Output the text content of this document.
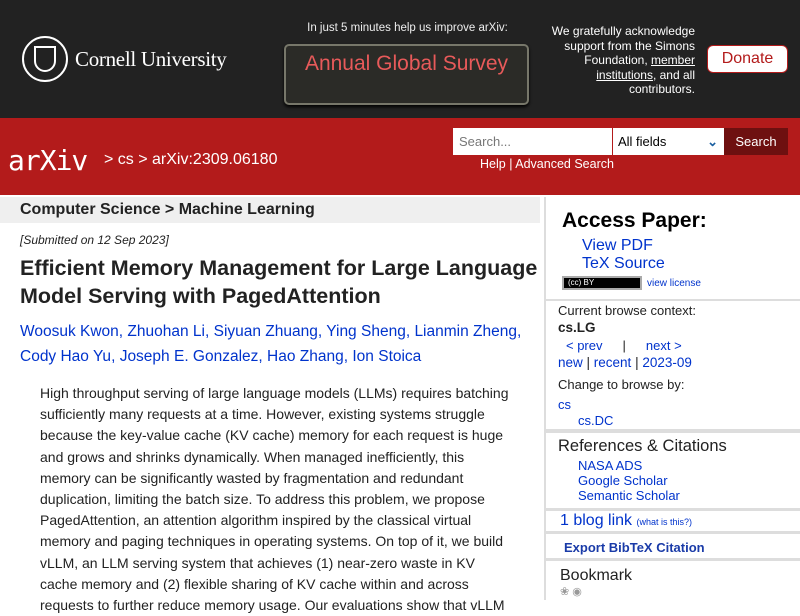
Cornell University
In just 5 minutes help us improve arXiv:
Annual Global Survey
We gratefully acknowledge support from the Simons Foundation, member institutions, and all contributors.
Donate
arXiv > cs > arXiv:2309.06180
Search...	All fields	⌄	Search
Help | Advanced Search
Computer Science > Machine Learning
[Submitted on 12 Sep 2023]
Efficient Memory Management for Large Language Model Serving with PagedAttention
Woosuk Kwon, Zhuohan Li, Siyuan Zhuang, Ying Sheng, Lianmin Zheng, Cody Hao Yu, Joseph E. Gonzalez, Hao Zhang, Ion Stoica
High throughput serving of large language models (LLMs) requires batching sufficiently many requests at a time. However, existing systems struggle because the key-value cache (KV cache) memory for each request is huge and grows and shrinks dynamically. When managed inefficiently, this memory can be significantly wasted by fragmentation and redundant duplication, limiting the batch size. To address this problem, we propose PagedAttention, an attention algorithm inspired by the classical virtual memory and paging techniques in operating systems. On top of it, we build vLLM, an LLM serving system that achieves (1) near-zero waste in KV cache memory and (2) flexible sharing of KV cache within and across requests to further reduce memory usage. Our evaluations show that vLLM
Access Paper:
View PDF
TeX Source
(cc) BY	view license
Current browse context:
cs.LG
< prev | next >
new | recent | 2023-09
Change to browse by:
cs
cs.DC
References & Citations
NASA ADS
Google Scholar
Semantic Scholar
1 blog link (what is this?)
Export BibTeX Citation
Bookmark
❀ ◉
